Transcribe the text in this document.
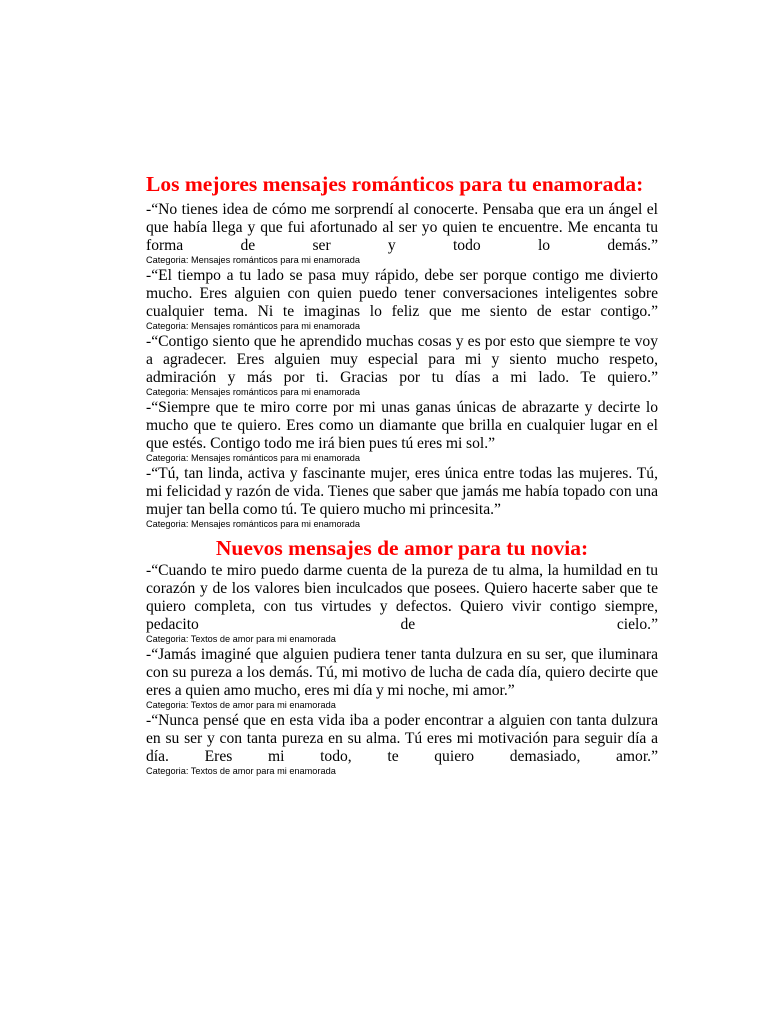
Los mejores mensajes románticos para tu enamorada:

-“No tienes idea de cómo me sorprendí al conocerte. Pensaba que era un ángel el que había llega y que fui afortunado al ser yo quien te encuentre. Me encanta tu forma de ser y todo lo demás.”

Categoria: Mensajes románticos para mi enamorada

-“El tiempo a tu lado se pasa muy rápido, debe ser porque contigo me divierto mucho. Eres alguien con quien puedo tener conversaciones inteligentes sobre cualquier tema. Ni te imaginas lo feliz que me siento de estar contigo.”

Categoria: Mensajes románticos para mi enamorada

-“Contigo siento que he aprendido muchas cosas y es por esto que siempre te voy a agradecer. Eres alguien muy especial para mi y siento mucho respeto, admiración y más por ti. Gracias por tu días a mi lado. Te quiero.”

Categoria: Mensajes románticos para mi enamorada

-“Siempre que te miro corre por mi unas ganas únicas de abrazarte y decirte lo mucho que te quiero. Eres como un diamante que brilla en cualquier lugar en el que estés. Contigo todo me irá bien pues tú eres mi sol.”

Categoria: Mensajes románticos para mi enamorada

-“Tú, tan linda, activa y fascinante mujer, eres única entre todas las mujeres. Tú, mi felicidad y razón de vida. Tienes que saber que jamás me había topado con una mujer tan bella como tú. Te quiero mucho mi princesita.”

Categoria: Mensajes románticos para mi enamorada

Nuevos mensajes de amor para tu novia:

-“Cuando te miro puedo darme cuenta de la pureza de tu alma, la humildad en tu corazón y de los valores bien inculcados que posees. Quiero hacerte saber que te quiero completa, con tus virtudes y defectos. Quiero vivir contigo siempre, pedacito de cielo.”

Categoria: Textos de amor para mi enamorada

-“Jamás imaginé que alguien pudiera tener tanta dulzura en su ser, que iluminara con su pureza a los demás. Tú, mi motivo de lucha de cada día, quiero decirte que eres a quien amo mucho, eres mi día y mi noche, mi amor.”

Categoria: Textos de amor para mi enamorada

-“Nunca pensé que en esta vida iba a poder encontrar a alguien con tanta dulzura en su ser y con tanta pureza en su alma. Tú eres mi motivación para seguir día a día. Eres mi todo, te quiero demasiado, amor.”

Categoria: Textos de amor para mi enamorada
